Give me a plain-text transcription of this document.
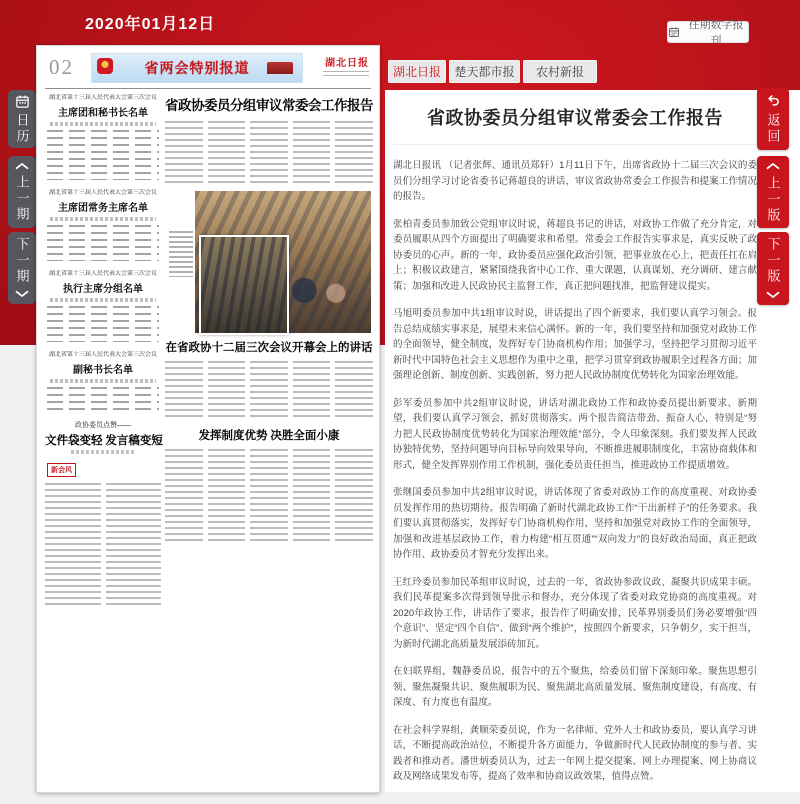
2020年01月12日	往期数字报刊
日历
上一期
下一期
湖北日报 楚天都市报 农村新报
02	省两会特别报道	湖北日报
湖北省第十三届人民代表大会第三次会议
主席团和秘书长名单
湖北省第十三届人民代表大会第三次会议
主席团常务主席名单
湖北省第十三届人民代表大会第三次会议
执行主席分组名单
湖北省第十三届人民代表大会第三次会议
副秘书长名单
政协委员点赞——
文件袋变轻 发言稿变短
新会风
省政协委员分组审议常委会工作报告
在省政协十二届三次会议开幕会上的讲话
发挥制度优势 决胜全面小康
省政协委员分组审议常委会工作报告

湖北日报讯 （记者张辉、通讯员郑轩）1月11日下午，出席省政协十二届三次会议的委员们分组学习讨论省委书记蒋超良的讲话，审议省政协常委会工作报告和提案工作情况的报告。

张柏青委员参加致公党组审议时说，蒋超良书记的讲话，对政协工作做了充分肯定，对委员履职从四个方面提出了明确要求和希望。常委会工作报告实事求是，真实反映了政协委员的心声。新的一年，政协委员应强化政治引领，把事业放在心上，把责任扛在肩上；积极议政建言，紧紧围绕我省中心工作、重大课题，认真谋划、充分调研、建言献策；加强和改进人民政协民主监督工作，真正把问题找准，把监督建议提实。

马旭明委员参加中共1组审议时说，讲话提出了四个新要求，我们要认真学习领会。报告总结成绩实事求是，展望未来信心满怀。新的一年，我们要坚持和加强党对政协工作的全面领导，健全制度，发挥好专门协商机构作用；加强学习，坚持把学习贯彻习近平新时代中国特色社会主义思想作为重中之重，把学习贯穿到政协履职全过程各方面；加强理论创新、制度创新、实践创新，努力把人民政协制度优势转化为国家治理效能。

彭军委员参加中共2组审议时说，讲话对湖北政协工作和政协委员提出新要求、新期望，我们要认真学习领会，抓好贯彻落实。两个报告简洁带劲、振奋人心，特别是“努力把人民政协制度优势转化为国家治理效能”部分，令人印象深刻。我们要发挥人民政协独特优势，坚持问题导向目标导向效果导向，不断推进履职制度化，丰富协商载体和形式，健全发挥界别作用工作机制，强化委员责任担当，推进政协工作提质增效。

张继国委员参加中共2组审议时说，讲话体现了省委对政协工作的高度重视、对政协委员发挥作用的热切期待。报告明确了新时代湖北政协工作“干出新样子”的任务要求。我们要认真贯彻落实，发挥好专门协商机构作用，坚持和加强党对政协工作的全面领导，加强和改进基层政协工作，着力构建“相互贯通”“双向发力”的良好政治局面，真正把政协作用、政协委员才智充分发挥出来。

王红玲委员参加民革组审议时说，过去的一年，省政协参政议政、凝聚共识成果丰硕。我们民革提案多次得到领导批示和督办，充分体现了省委对政党协商的高度重视。对2020年政协工作，讲话作了要求，报告作了明确安排，民革界别委员们务必要增强“四个意识”、坚定“四个自信”、做到“两个维护”，按照四个新要求，只争朝夕，实干担当，为新时代湖北高质量发展添砖加瓦。

在妇联界组，魏静委员说，报告中的五个聚焦，给委员们留下深刻印象。聚焦思想引领、聚焦凝聚共识、聚焦履职为民、聚焦湖北高质量发展、聚焦制度建设，有高度、有深度、有力度也有温度。

在社会科学界组，龚顺荣委员说，作为一名律师、党外人士和政协委员，要认真学习讲话，不断提高政治站位，不断提升各方面能力，争做新时代人民政协制度的参与者、实践者和推动者。潘世炳委员认为，过去一年网上提交提案、网上办理提案、网上协商议政及网络成果发布等，提高了效率和协商议政效果，值得点赞。

返回
上一版
下一版
